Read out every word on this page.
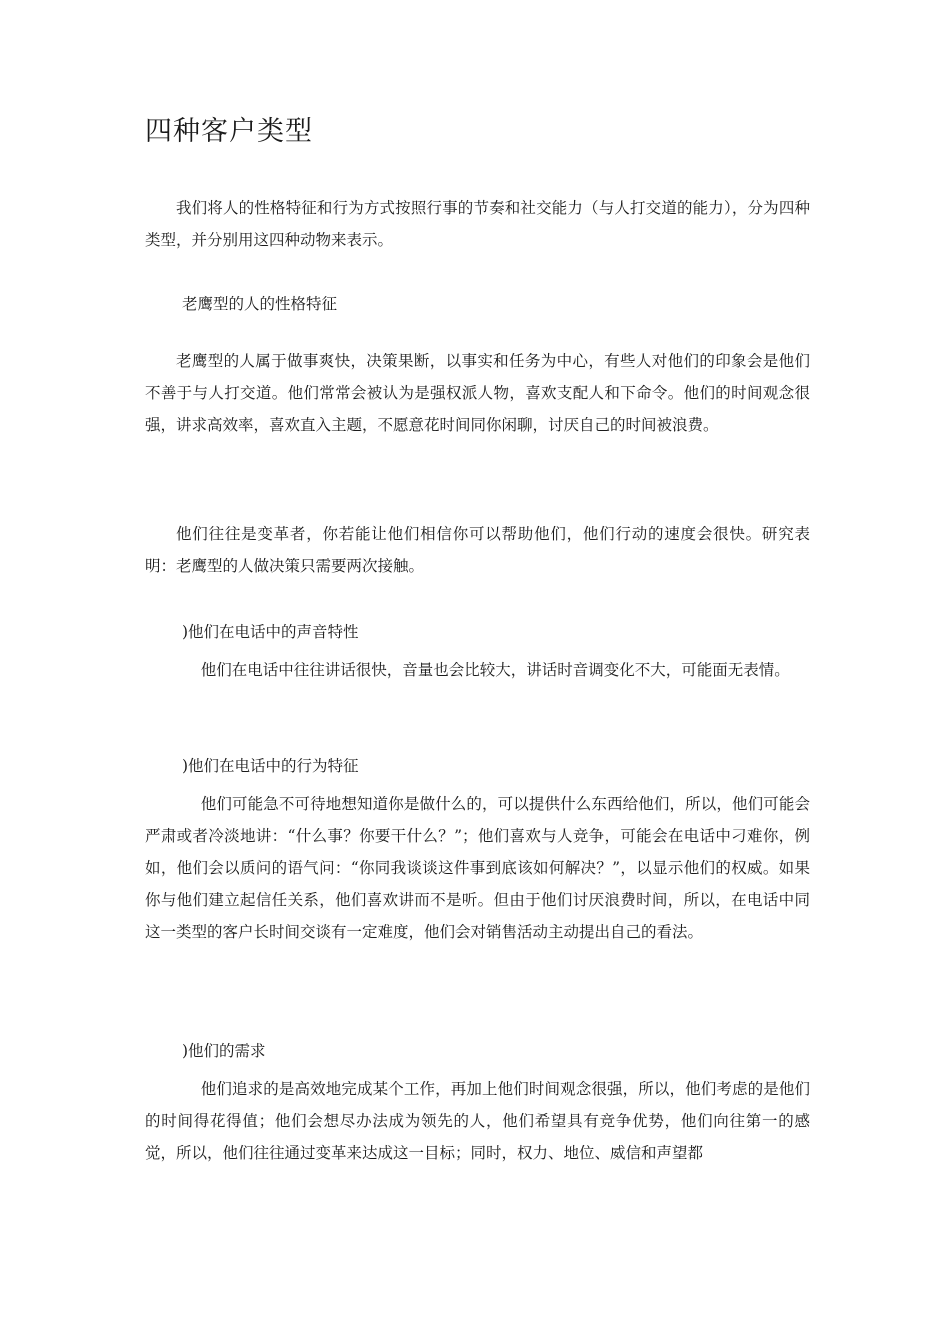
四种客户类型

我们将人的性格特征和行为方式按照行事的节奏和社交能力（与人打交道的能力），分为四种类型，并分别用这四种动物来表示。

老鹰型的人的性格特征

老鹰型的人属于做事爽快，决策果断，以事实和任务为中心，有些人对他们的印象会是他们不善于与人打交道。他们常常会被认为是强权派人物，喜欢支配人和下命令。他们的时间观念很强，讲求高效率，喜欢直入主题，不愿意花时间同你闲聊，讨厌自己的时间被浪费。

他们往往是变革者，你若能让他们相信你可以帮助他们，他们行动的速度会很快。研究表明：老鹰型的人做决策只需要两次接触。

)他们在电话中的声音特性

他们在电话中往往讲话很快，音量也会比较大，讲话时音调变化不大，可能面无表情。

)他们在电话中的行为特征

他们可能急不可待地想知道你是做什么的，可以提供什么东西给他们，所以，他们可能会严肃或者冷淡地讲：“什么事？你要干什么？”；他们喜欢与人竞争，可能会在电话中刁难你，例如，他们会以质问的语气问：“你同我谈谈这件事到底该如何解决？”，以显示他们的权威。如果你与他们建立起信任关系，他们喜欢讲而不是听。但由于他们讨厌浪费时间，所以，在电话中同这一类型的客户长时间交谈有一定难度，他们会对销售活动主动提出自己的看法。

)他们的需求

他们追求的是高效地完成某个工作，再加上他们时间观念很强，所以，他们考虑的是他们的时间得花得值；他们会想尽办法成为领先的人，他们希望具有竞争优势，他们向往第一的感觉，所以，他们往往通过变革来达成这一目标；同时，权力、地位、威信和声望都
